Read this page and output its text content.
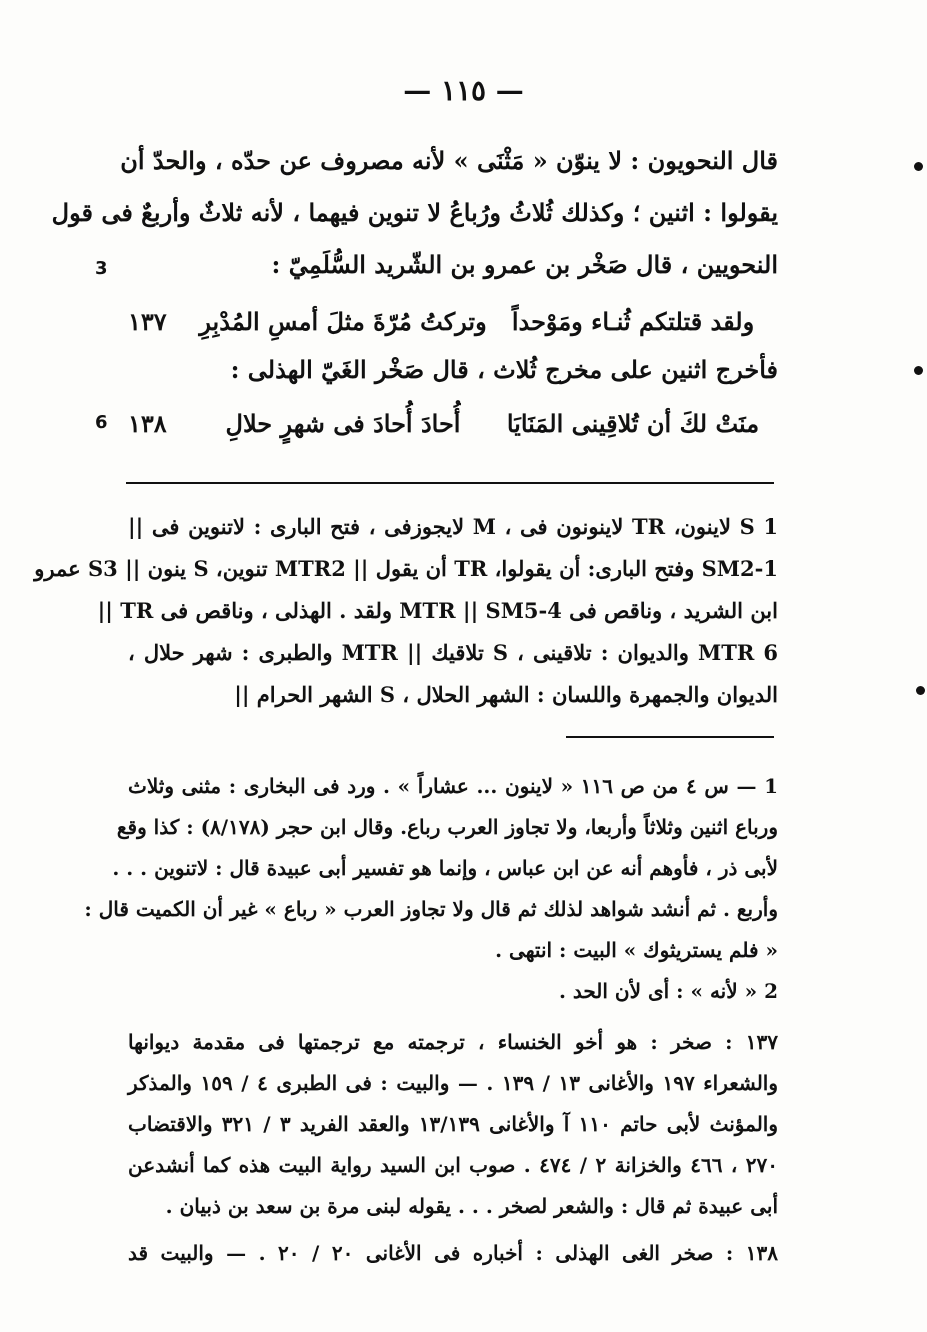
— ١١٥ —
قال النحويون : لا ينوّن « مَثْنَى » لأنه مصروف عن حدّه ، والحدّ أن
يقولوا : اثنين ؛ وكذلك ثُلاثُ ورُباعُ لا تنوين فيهما ، لأنه ثلاثٌ وأربعٌ فى قول
النحويين ، قال صَخْر بن عمرو بن الشّريد السُّلَمِيّ :
3
ولقد قتلتكم ثُنـاء ومَوْحداً
وتركتُ مُرّةَ مثلَ أمسِ المُدْبِرِ
١٣٧
فأخرج اثنين على مخرج ثُلاث ، قال صَخْر الغَيّ الهذلى :
منَتْ لكَ أن تُلاقِينى المَنَايَا
أُحادَ أُحادَ فى شهرٍ حلالِ
١٣٨
6
S 1 لاينون، TR لاينونون فى ، M لايجوزفى ، فتح البارى : لاتنوين فى ||
SM2-1 وفتح البارى: أن يقولوا، TR أن يقول || MTR2 تنوين، S ينون || S3 عمرو
ابن الشريد ، وناقص فى MTR || SM5-4 ولقد . الهذلى ، وناقص فى TR ||
MTR 6 والديوان : تلاقينى ، S تلاقيك || MTR والطبرى : شهر حلال ،
الديوان والجمهرة واللسان : الشهر الحلال ، S الشهر الحرام ||
1 — س ٤ من ص ١١٦ « لاينون ... عشاراً » . ورد فى البخارى : مثنى وثلاث
ورباع اثنين وثلاثاً وأربعا، ولا تجاوز العرب رباع. وقال ابن حجر (٨/١٧٨) : كذا وقع
لأبى ذر ، فأوهم أنه عن ابن عباس ، وإنما هو تفسير أبى عبيدة قال : لاتنوين . . .
وأربع . ثم أنشد شواهد لذلك ثم قال ولا تجاوز العرب « رباع » غير أن الكميت قال :
« فلم يستريثوك » البيت : انتهى .
2 « لأنه » : أى لأن الحد .
١٣٧ : صخر : هو أخو الخنساء ، ترجمته مع ترجمتها فى مقدمة ديوانها
والشعراء ١٩٧ والأغانى ١٣ / ١٣٩ . — والبيت : فى الطبرى ٤ / ١٥٩ والمذكر
والمؤنث لأبى حاتم ١١٠ آ والأغانى ١٣/١٣٩ والعقد الفريد ٣ / ٣٢١ والاقتضاب
٢٧٠ ، ٤٦٦ والخزانة ٢ / ٤٧٤ . صوب ابن السيد رواية البيت هذه كما أنشدعن
أبى عبيدة ثم قال : والشعر لصخر . . . يقوله لبنى مرة بن سعد بن ذبيان .
١٣٨ : صخر الغى الهذلى : أخباره فى الأغانى ٢٠ / ٢٠ . — والبيت قد
